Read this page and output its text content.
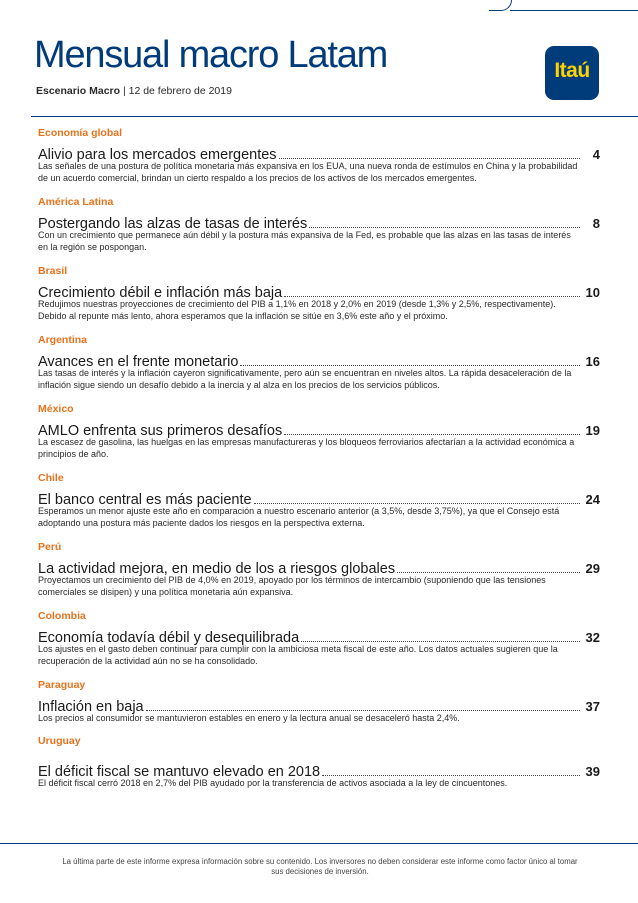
Mensual macro Latam
Escenario Macro | 12 de febrero de 2019
Itaú
Economía global
Alivio para los mercados emergentes	4
Las señales de una postura de política monetaria más expansiva en los EUA, una nueva ronda de estímulos en China y la probabilidad de un acuerdo comercial, brindan un cierto respaldo a los precios de los activos de los mercados emergentes.
América Latina
Postergando las alzas de tasas de interés	8
Con un crecimiento que permanece aún débil y la postura más expansiva de la Fed, es probable que las alzas en las tasas de interés en la región se pospongan.
Brasil
Crecimiento débil e inflación más baja	10
Redujimos nuestras proyecciones de crecimiento del PIB a 1,1% en 2018 y 2,0% en 2019 (desde 1,3% y 2,5%, respectivamente). Debido al repunte más lento, ahora esperamos que la inflación se sitúe en 3,6% este año y el próximo.
Argentina
Avances en el frente monetario	16
Las tasas de interés y la inflación cayeron significativamente, pero aún se encuentran en niveles altos. La rápida desaceleración de la inflación sigue siendo un desafío debido a la inercia y al alza en los precios de los servicios públicos.
México
AMLO enfrenta sus primeros desafíos	19
La escasez de gasolina, las huelgas en las empresas manufactureras y los bloqueos ferroviarios afectarían a la actividad económica a principios de año.
Chile
El banco central es más paciente	24
Esperamos un menor ajuste este año en comparación a nuestro escenario anterior (a 3,5%, desde 3,75%), ya que el Consejo está adoptando una postura más paciente dados los riesgos en la perspectiva externa.
Perú
La actividad mejora, en medio de los a riesgos globales	29
Proyectamos un crecimiento del PIB de 4,0% en 2019, apoyado por los términos de intercambio (suponiendo que las tensiones comerciales se disipen) y una política monetaria aún expansiva.
Colombia
Economía todavía débil y desequilibrada	32
Los ajustes en el gasto deben continuar para cumplir con la ambiciosa meta fiscal de este año. Los datos actuales sugieren que la recuperación de la actividad aún no se ha consolidado.
Paraguay
Inflación en baja	37
Los precios al consumidor se mantuvieron estables en enero y la lectura anual se desaceleró hasta 2,4%.
Uruguay
El déficit fiscal se mantuvo elevado en 2018	39
El déficit fiscal cerró 2018 en 2,7% del PIB ayudado por la transferencia de activos asociada a la ley de cincuentones.
La última parte de este informe expresa información sobre su contenido. Los inversores no deben considerar este informe como factor único al tomar sus decisiones de inversión.
